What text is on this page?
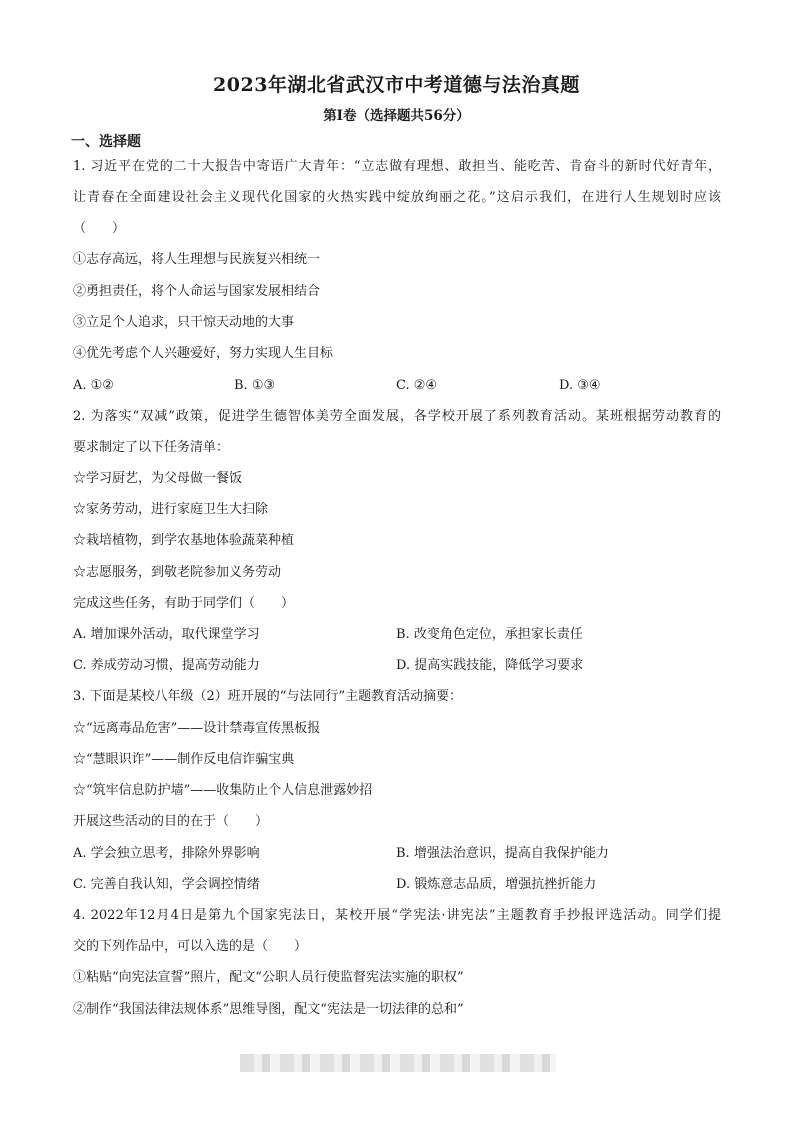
2023年湖北省武汉市中考道德与法治真题
第Ⅰ卷（选择题共56分）
一、选择题
1. 习近平在党的二十大报告中寄语广大青年：“立志做有理想、敢担当、能吃苦、肯奋斗的新时代好青年，
让青春在全面建设社会主义现代化国家的火热实践中绽放绚丽之花。”这启示我们，在进行人生规划时应该
（　　）
①志存高远，将人生理想与民族复兴相统一
②勇担责任，将个人命运与国家发展相结合
③立足个人追求，只干惊天动地的大事
④优先考虑个人兴趣爱好，努力实现人生目标
A. ①②	B. ①③	C. ②④	D. ③④
2. 为落实“双减”政策，促进学生德智体美劳全面发展，各学校开展了系列教育活动。某班根据劳动教育的
要求制定了以下任务清单：
☆学习厨艺，为父母做一餐饭
☆家务劳动，进行家庭卫生大扫除
☆栽培植物，到学农基地体验蔬菜种植
☆志愿服务，到敬老院参加义务劳动
完成这些任务，有助于同学们（　　）
A. 增加课外活动，取代课堂学习	B. 改变角色定位，承担家长责任
C. 养成劳动习惯，提高劳动能力	D. 提高实践技能，降低学习要求
3. 下面是某校八年级（2）班开展的“与法同行”主题教育活动摘要：
☆“远离毒品危害”——设计禁毒宣传黑板报
☆“慧眼识诈”——制作反电信诈骗宝典
☆“筑牢信息防护墙”——收集防止个人信息泄露妙招
开展这些活动的目的在于（　　）
A. 学会独立思考，排除外界影响	B. 增强法治意识，提高自我保护能力
C. 完善自我认知，学会调控情绪	D. 锻炼意志品质，增强抗挫折能力
4. 2022年12月4日是第九个国家宪法日，某校开展“学宪法·讲宪法”主题教育手抄报评选活动。同学们提
交的下列作品中，可以入选的是（　　）
①粘贴“向宪法宣誓”照片，配文“公职人员行使监督宪法实施的职权”
②制作“我国法律法规体系”思维导图，配文“宪法是一切法律的总和”
